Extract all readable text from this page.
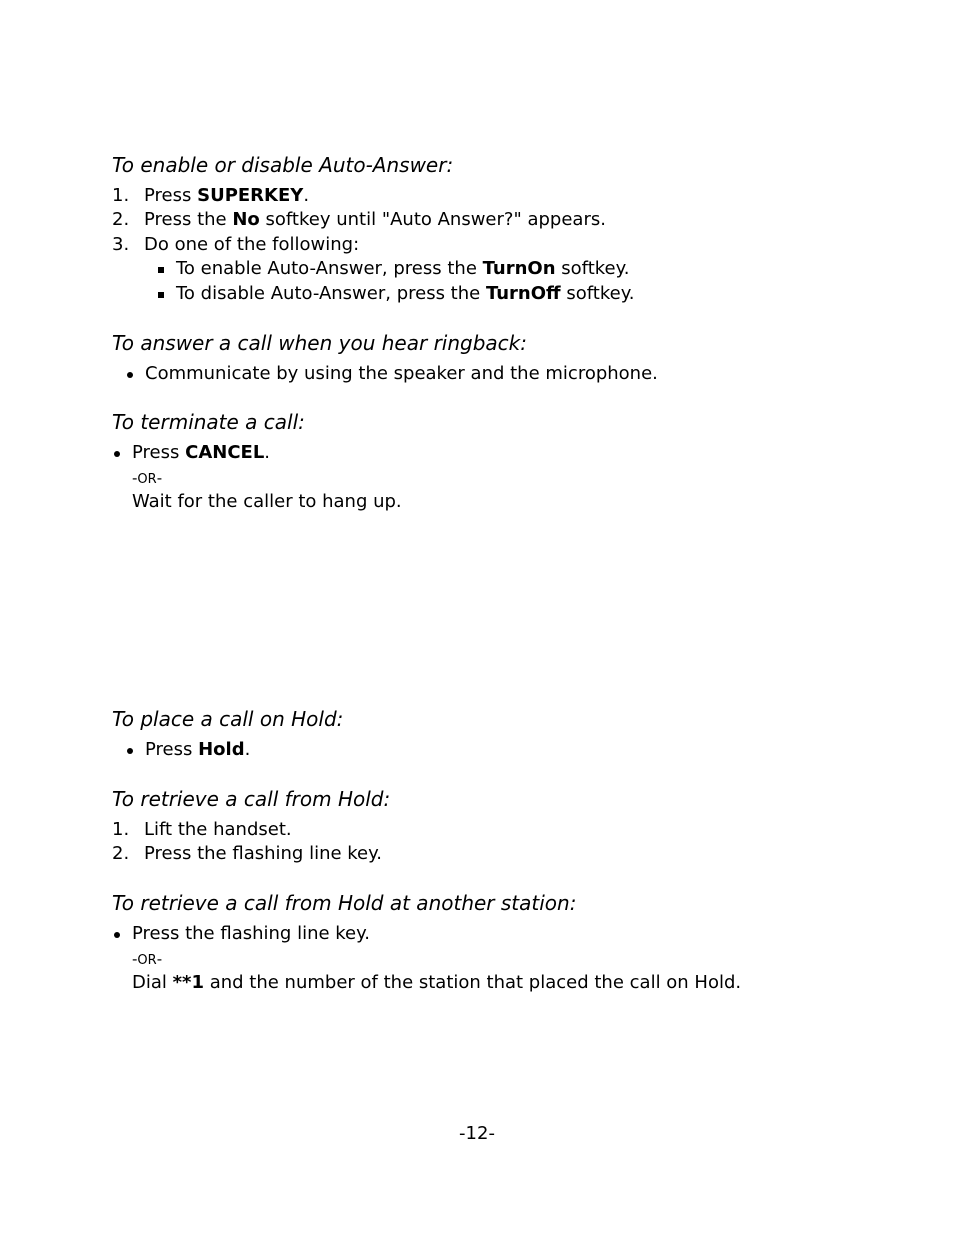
To enable or disable Auto-Answer:
1. Press SUPERKEY.
2. Press the No softkey until "Auto Answer?" appears.
3. Do one of the following:
To enable Auto-Answer, press the TurnOn softkey.
To disable Auto-Answer, press the TurnOff softkey.
To answer a call when you hear ringback:
Communicate by using the speaker and the microphone.
To terminate a call:
Press CANCEL.
-OR-
Wait for the caller to hang up.
To place a call on Hold:
Press Hold.
To retrieve a call from Hold:
1. Lift the handset.
2. Press the flashing line key.
To retrieve a call from Hold at another station:
Press the flashing line key.
-OR-
Dial **1 and the number of the station that placed the call on Hold.
-12-
